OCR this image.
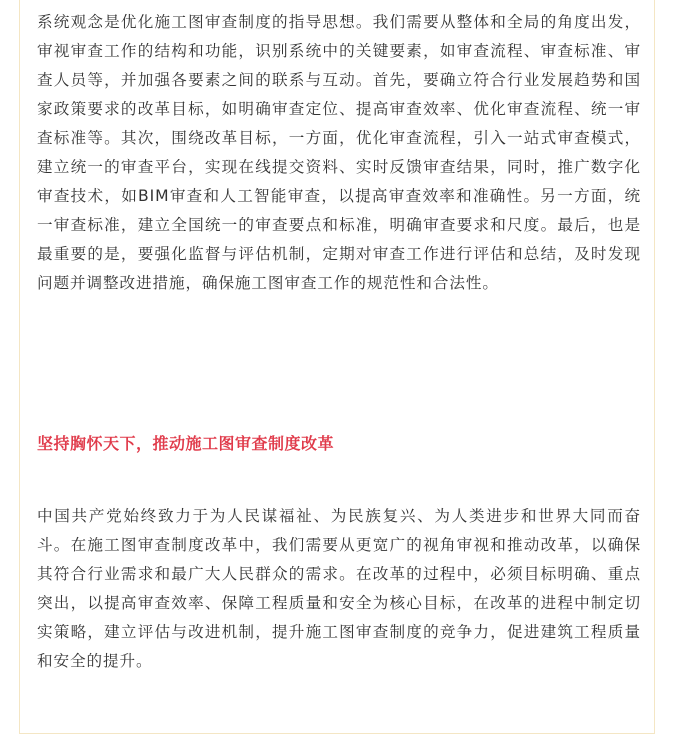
系统观念是优化施工图审查制度的指导思想。我们需要从整体和全局的角度出发，审视审查工作的结构和功能，识别系统中的关键要素，如审查流程、审查标准、审查人员等，并加强各要素之间的联系与互动。首先，要确立符合行业发展趋势和国家政策要求的改革目标，如明确审查定位、提高审查效率、优化审查流程、统一审查标准等。其次，围绕改革目标，一方面，优化审查流程，引入一站式审查模式，建立统一的审查平台，实现在线提交资料、实时反馈审查结果，同时，推广数字化审查技术，如BIM审查和人工智能审查，以提高审查效率和准确性。另一方面，统一审查标准，建立全国统一的审查要点和标准，明确审查要求和尺度。最后，也是最重要的是，要强化监督与评估机制，定期对审查工作进行评估和总结，及时发现问题并调整改进措施，确保施工图审查工作的规范性和合法性。

坚持胸怀天下，推动施工图审查制度改革

中国共产党始终致力于为人民谋福祉、为民族复兴、为人类进步和世界大同而奋斗。在施工图审查制度改革中，我们需要从更宽广的视角审视和推动改革，以确保其符合行业需求和最广大人民群众的需求。在改革的过程中，必须目标明确、重点突出，以提高审查效率、保障工程质量和安全为核心目标，在改革的进程中制定切实策略，建立评估与改进机制，提升施工图审查制度的竞争力，促进建筑工程质量和安全的提升。
